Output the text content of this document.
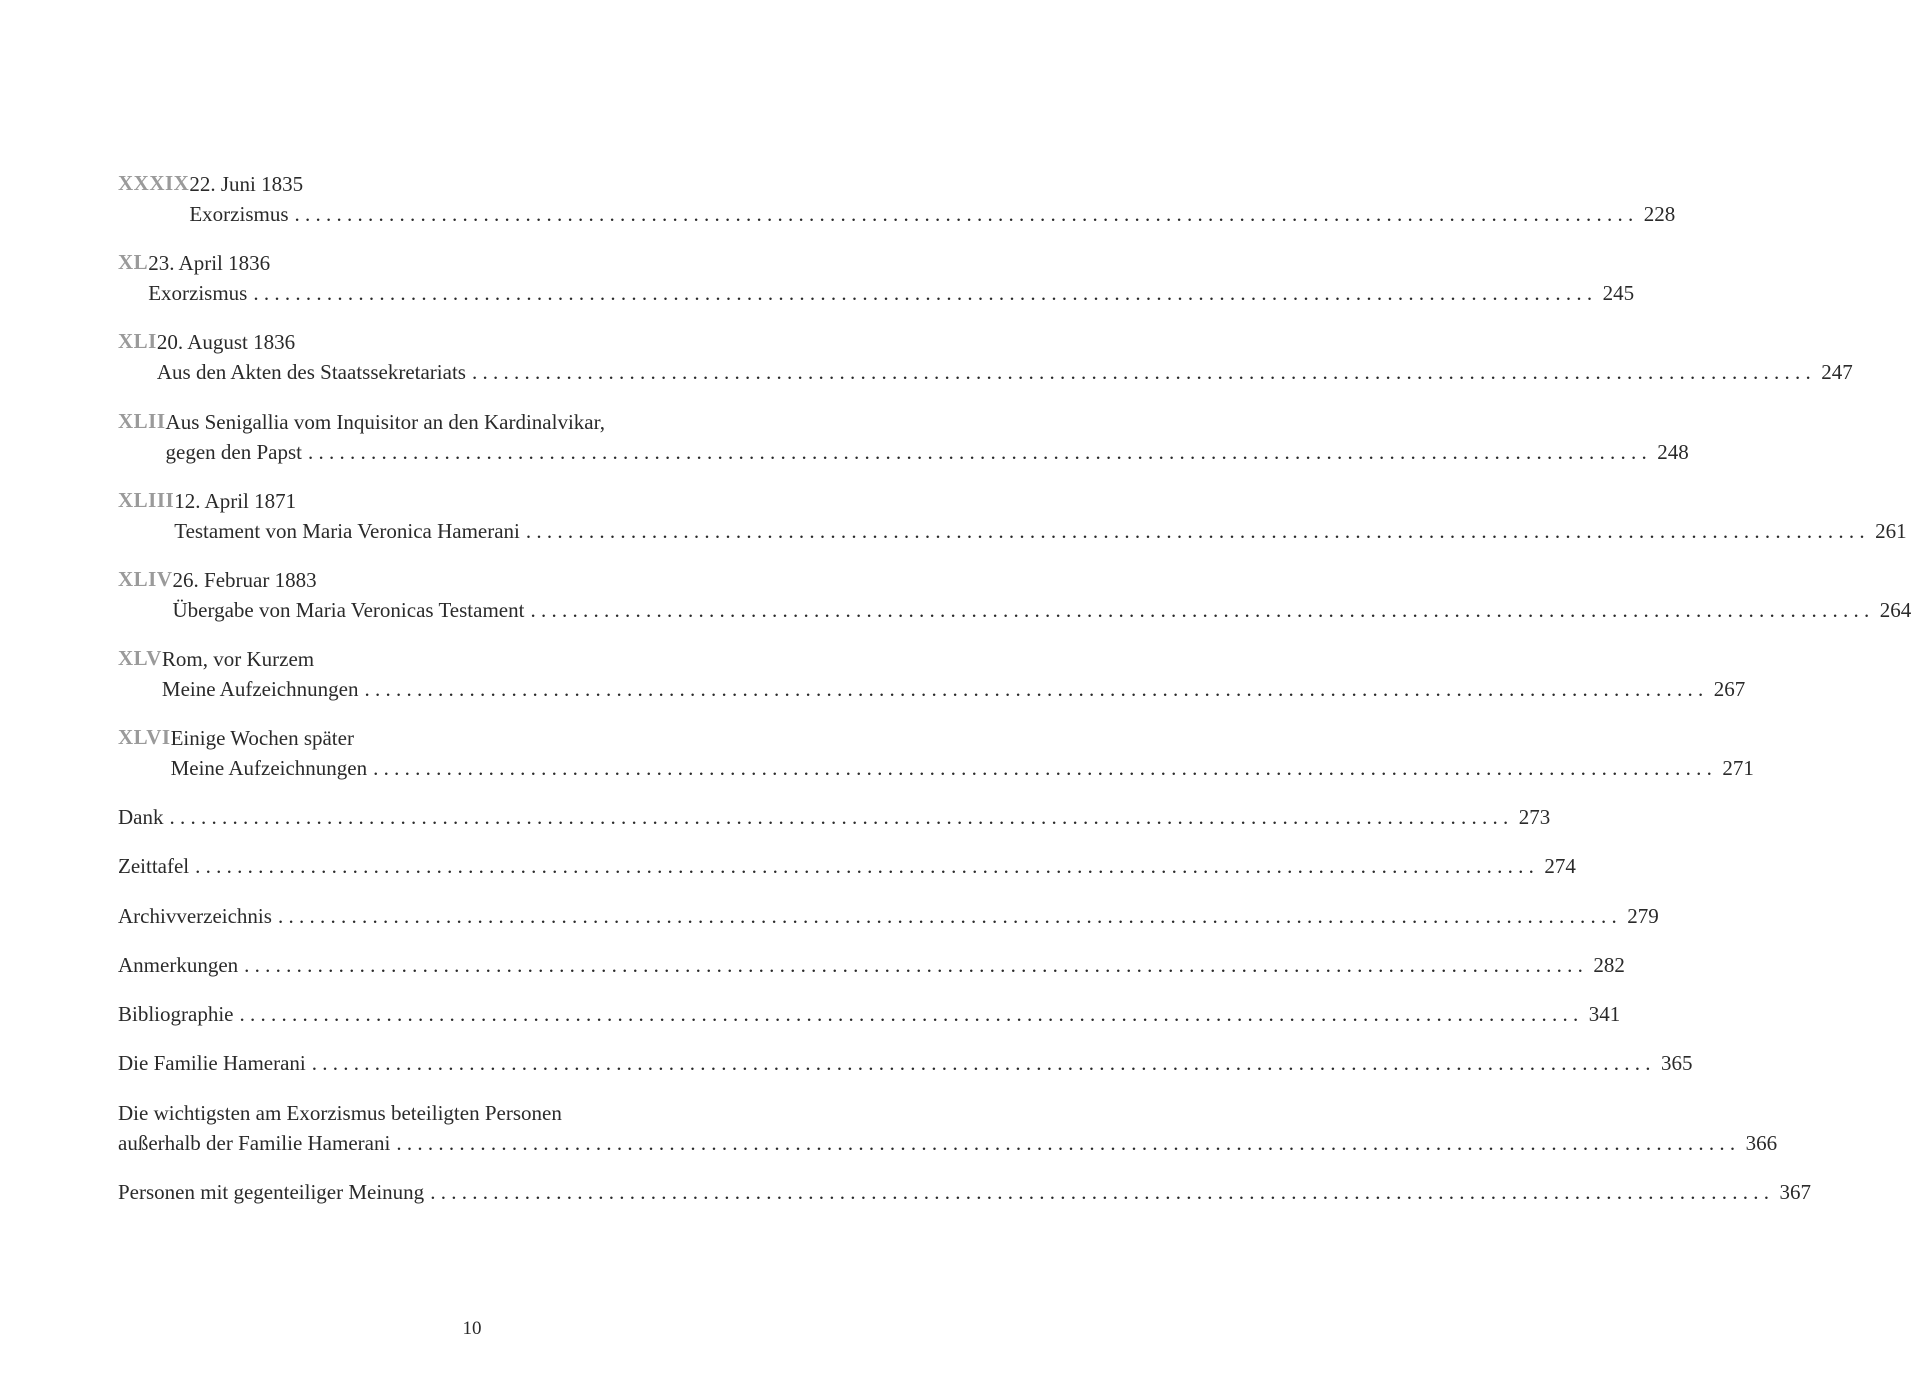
XXXIX 22. Juni 1835
Exorzismus . . .	228
XL 23. April 1836
Exorzismus . . .	245
XLI 20. August 1836
Aus den Akten des Staatssekretariats . . .	247
XLII Aus Senigallia vom Inquisitor an den Kardinalvikar,
gegen den Papst . . .	248
XLIII 12. April 1871
Testament von Maria Veronica Hamerani . . .	261
XLIV 26. Februar 1883
Übergabe von Maria Veronicas Testament . . .	264
XLV Rom, vor Kurzem
Meine Aufzeichnungen . . .	267
XLVI Einige Wochen später
Meine Aufzeichnungen . . .	271
Dank . . .	273
Zeittafel . . .	274
Archivverzeichnis . . .	279
Anmerkungen . . .	282
Bibliographie . . .	341
Die Familie Hamerani . . .	365
Die wichtigsten am Exorzismus beteiligten Personen
außerhalb der Familie Hamerani . . .	366
Personen mit gegenteiliger Meinung . . .	367
10
